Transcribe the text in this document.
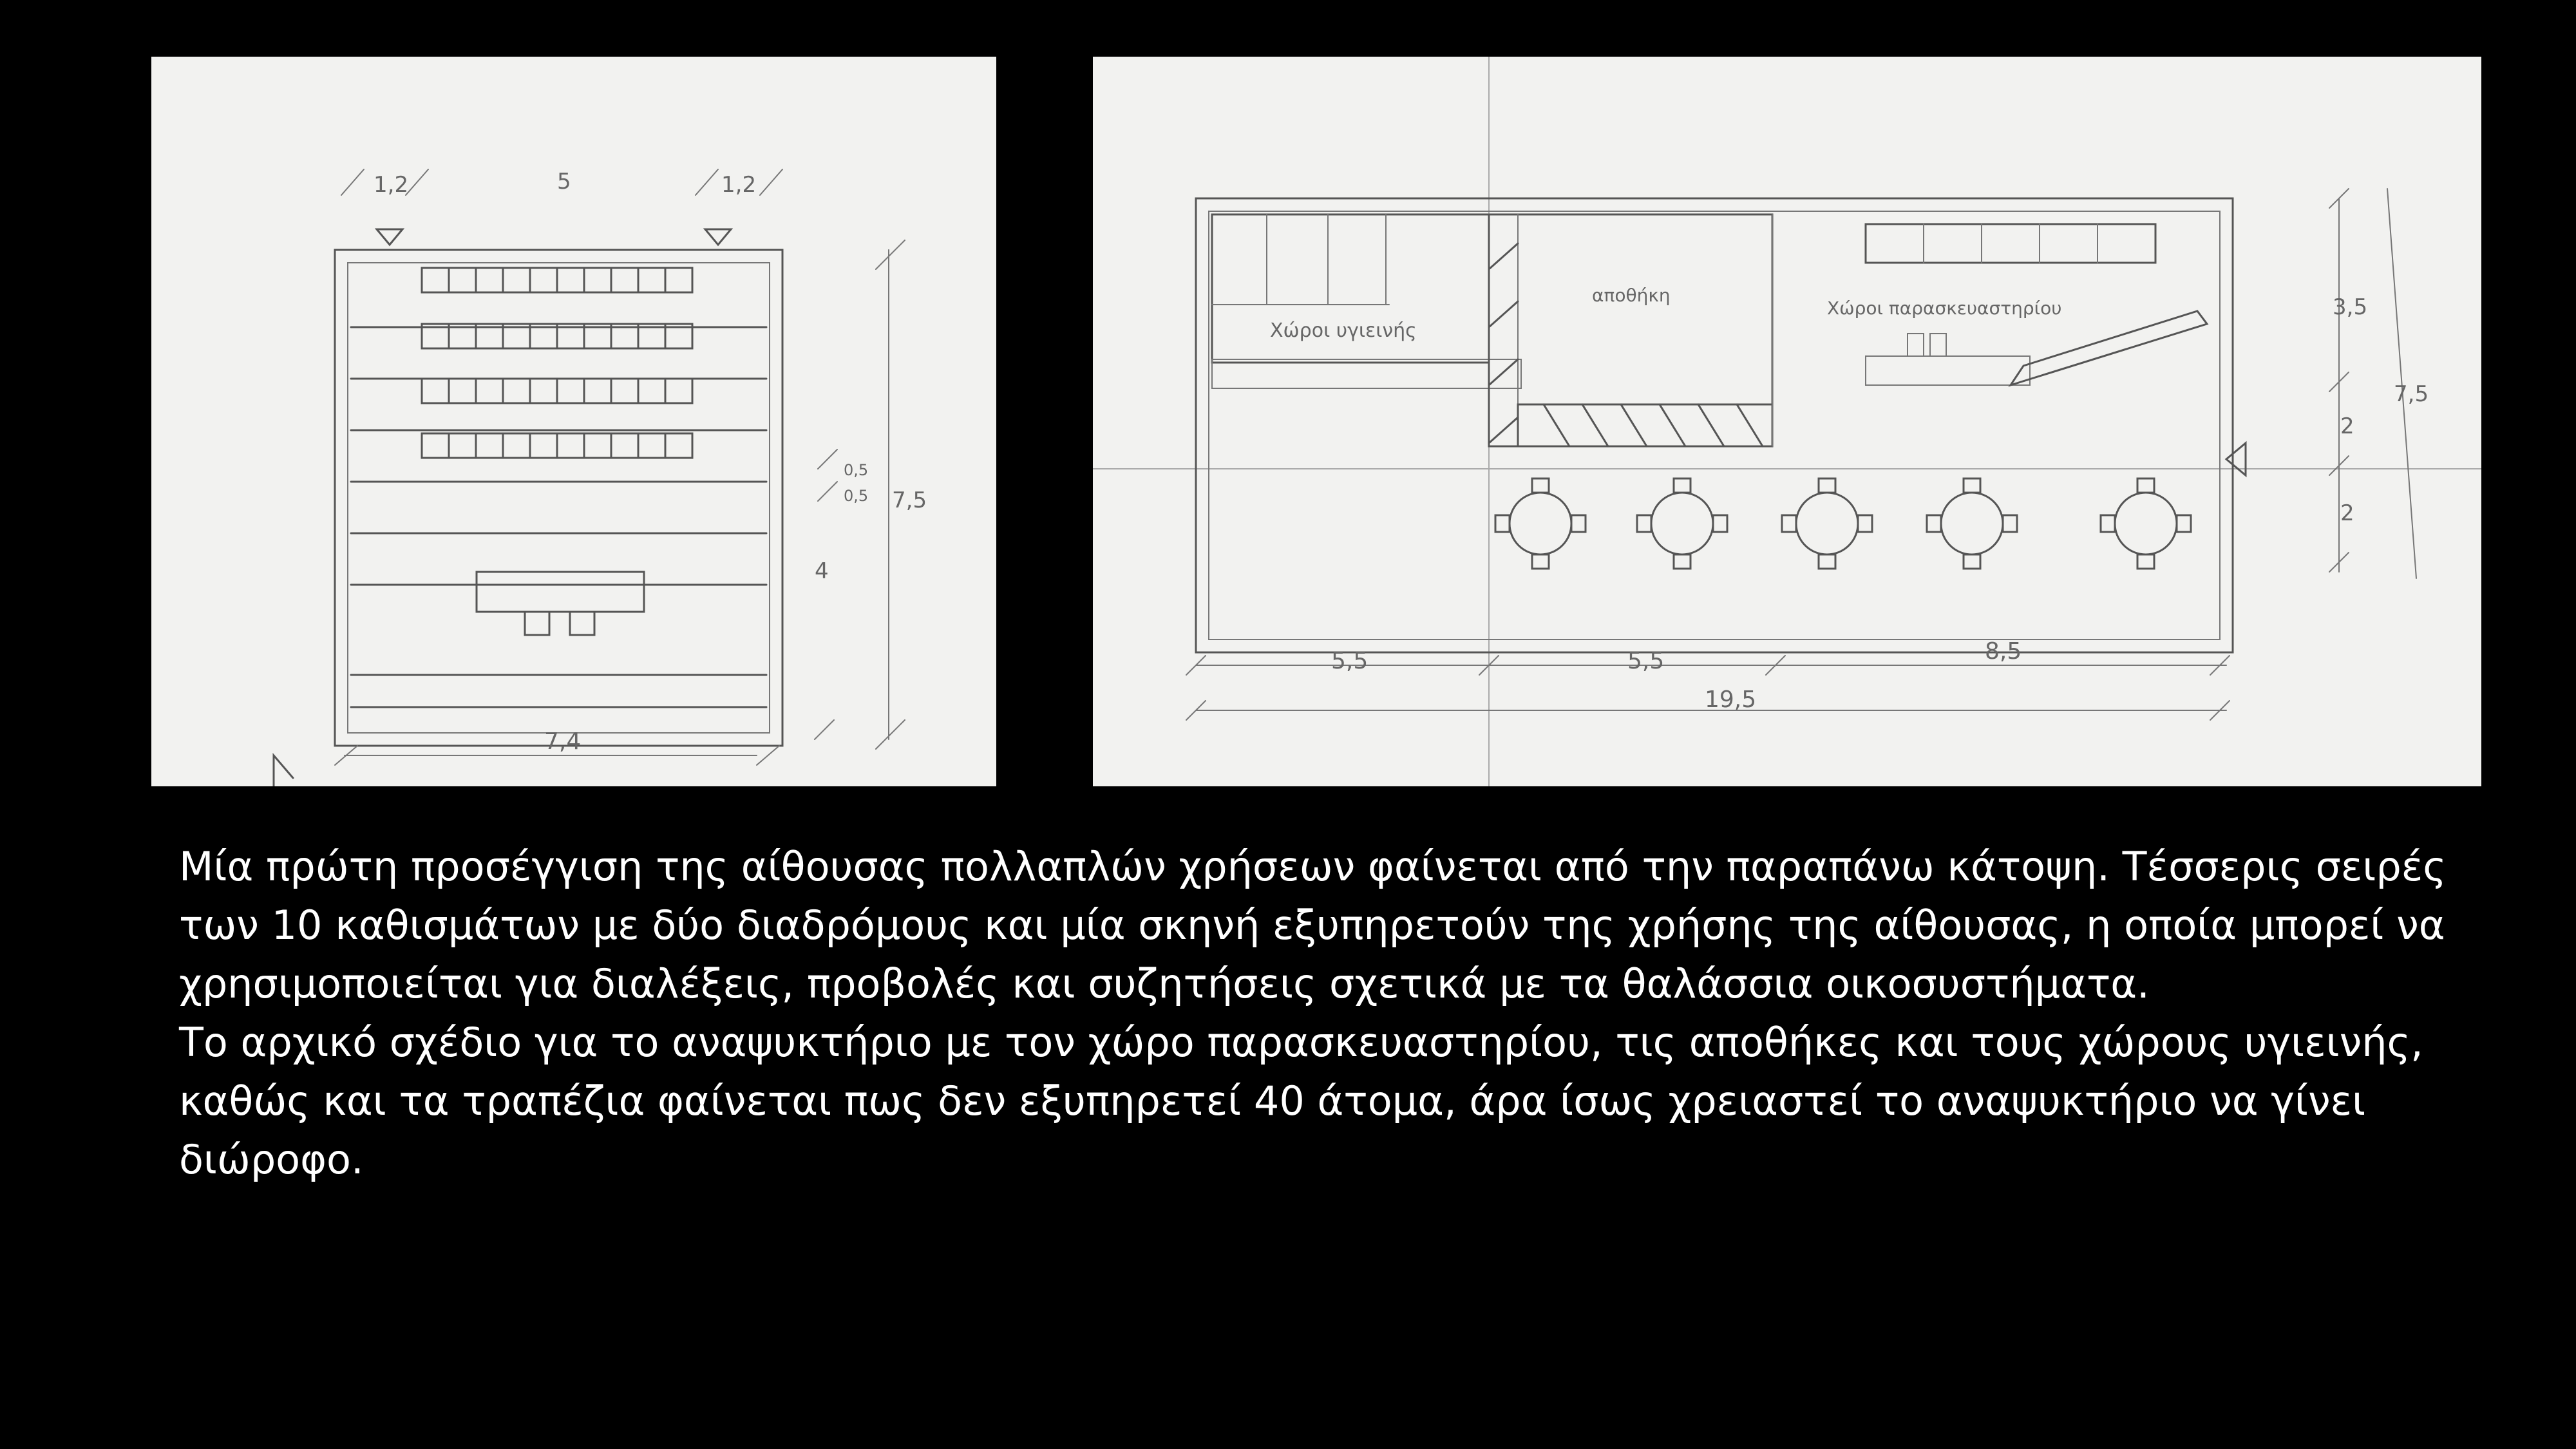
1,2	5	1,2
0,5
0,5 7,5
4
7,4
Χώροι υγιεινής
αποθήκη
Χώροι παρασκευαστηρίου	3,5
2
2
7,5
5,5	5,5	8,5
19,5

Μία πρώτη προσέγγιση της αίθουσας πολλαπλών χρήσεων φαίνεται από την παραπάνω κάτοψη. Τέσσερις σειρές των 10 καθισμάτων με δύο διαδρόμους και μία σκηνή εξυπηρετούν της χρήσης της αίθουσας, η οποία μπορεί να χρησιμοποιείται για διαλέξεις, προβολές και συζητήσεις σχετικά με τα θαλάσσια οικοσυστήματα.

Το αρχικό σχέδιο για το αναψυκτήριο με τον χώρο παρασκευαστηρίου, τις αποθήκες και τους χώρους υγιεινής, καθώς και τα τραπέζια φαίνεται πως δεν εξυπηρετεί 40 άτομα, άρα ίσως χρειαστεί το αναψυκτήριο να γίνει διώροφο.
